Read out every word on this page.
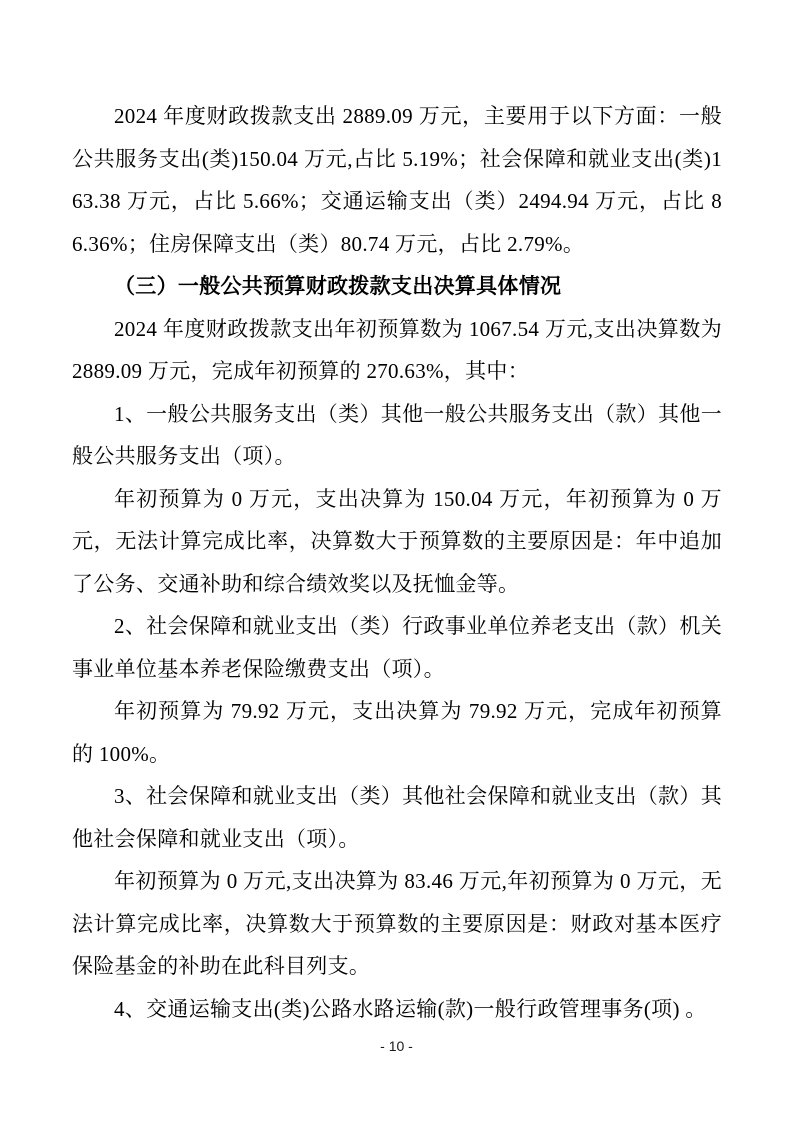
2024 年度财政拨款支出 2889.09 万元，主要用于以下方面：一般公共服务支出(类)150.04 万元,占比 5.19%；社会保障和就业支出(类)163.38 万元，占比 5.66%；交通运输支出（类）2494.94 万元，占比 86.36%；住房保障支出（类）80.74 万元，占比 2.79%。

（三）一般公共预算财政拨款支出决算具体情况

2024 年度财政拨款支出年初预算数为 1067.54 万元,支出决算数为 2889.09 万元，完成年初预算的 270.63%，其中：

1、一般公共服务支出（类）其他一般公共服务支出（款）其他一般公共服务支出（项）。

年初预算为 0 万元，支出决算为 150.04 万元，年初预算为 0 万元，无法计算完成比率，决算数大于预算数的主要原因是：年中追加了公务、交通补助和综合绩效奖以及抚恤金等。

2、社会保障和就业支出（类）行政事业单位养老支出（款）机关事业单位基本养老保险缴费支出（项）。

年初预算为 79.92 万元，支出决算为 79.92 万元，完成年初预算的 100%。

3、社会保障和就业支出（类）其他社会保障和就业支出（款）其他社会保障和就业支出（项）。

年初预算为 0 万元,支出决算为 83.46 万元,年初预算为 0 万元，无法计算完成比率，决算数大于预算数的主要原因是：财政对基本医疗保险基金的补助在此科目列支。

4、交通运输支出(类)公路水路运输(款)一般行政管理事务(项) 。

- 10 -
